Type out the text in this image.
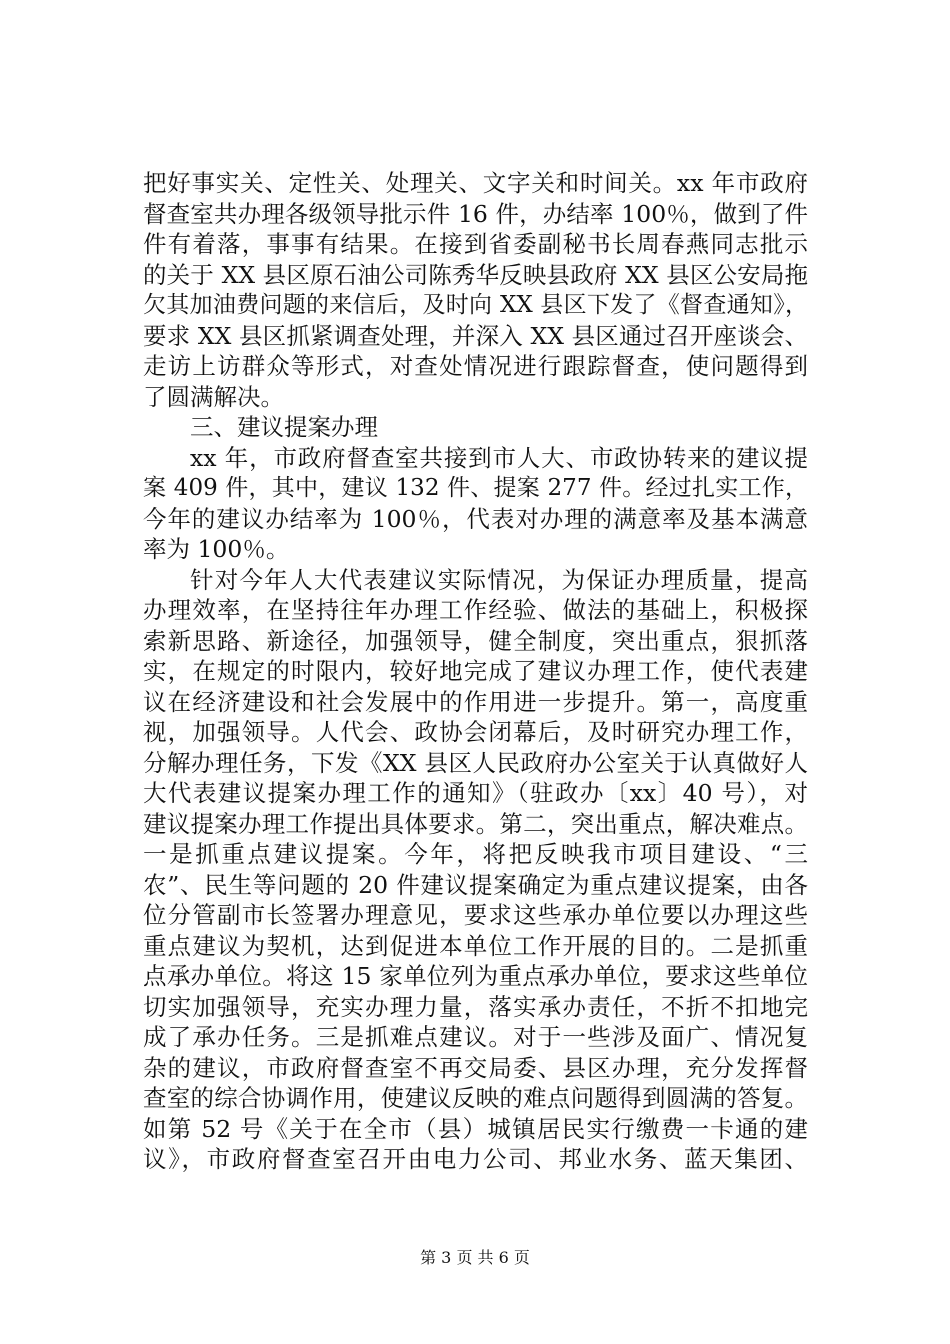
把好事实关、定性关、处理关、文字关和时间关。xx 年市政府
督查室共办理各级领导批示件 16 件，办结率 100％，做到了件
件有着落，事事有结果。在接到省委副秘书长周春燕同志批示
的关于 XX 县区原石油公司陈秀华反映县政府 XX 县区公安局拖
欠其加油费问题的来信后，及时向 XX 县区下发了《督查通知》，
要求 XX 县区抓紧调查处理，并深入 XX 县区通过召开座谈会、
走访上访群众等形式，对查处情况进行跟踪督查，使问题得到
了圆满解决。
三、建议提案办理
xx 年，市政府督查室共接到市人大、市政协转来的建议提
案 409 件，其中，建议 132 件、提案 277 件。经过扎实工作，
今年的建议办结率为 100％，代表对办理的满意率及基本满意
率为 100％。
针对今年人大代表建议实际情况，为保证办理质量，提高
办理效率，在坚持往年办理工作经验、做法的基础上，积极探
索新思路、新途径，加强领导，健全制度，突出重点，狠抓落
实，在规定的时限内，较好地完成了建议办理工作，使代表建
议在经济建设和社会发展中的作用进一步提升。第一，高度重
视，加强领导。人代会、政协会闭幕后，及时研究办理工作，
分解办理任务，下发《XX 县区人民政府办公室关于认真做好人
大代表建议提案办理工作的通知》（驻政办〔xx〕40 号），对
建议提案办理工作提出具体要求。第二，突出重点，解决难点。
一是抓重点建议提案。今年，将把反映我市项目建设、“三
农”、民生等问题的 20 件建议提案确定为重点建议提案，由各
位分管副市长签署办理意见，要求这些承办单位要以办理这些
重点建议为契机，达到促进本单位工作开展的目的。二是抓重
点承办单位。将这 15 家单位列为重点承办单位，要求这些单位
切实加强领导，充实办理力量，落实承办责任，不折不扣地完
成了承办任务。三是抓难点建议。对于一些涉及面广、情况复
杂的建议，市政府督查室不再交局委、县区办理，充分发挥督
查室的综合协调作用，使建议反映的难点问题得到圆满的答复。
如第 52 号《关于在全市（县）城镇居民实行缴费一卡通的建
议》，市政府督查室召开由电力公司、邦业水务、蓝天集团、
第 3 页 共 6 页
